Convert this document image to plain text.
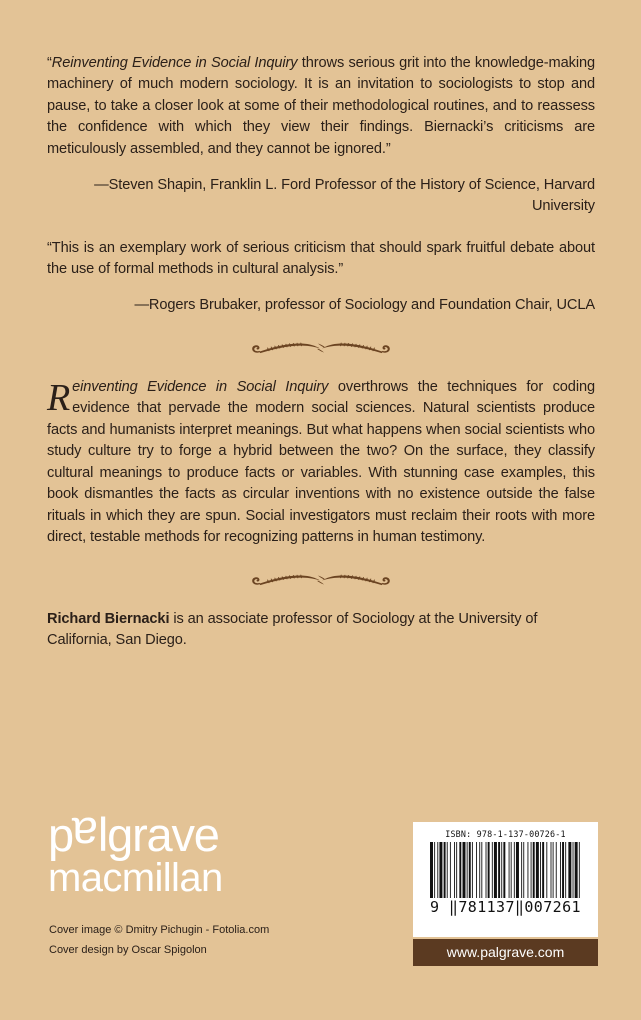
“Reinventing Evidence in Social Inquiry throws serious grit into the knowledge-making machinery of much modern sociology. It is an invitation to sociologists to stop and pause, to take a closer look at some of their methodological routines, and to reassess the confidence with which they view their findings. Biernacki’s criticisms are meticulously assembled, and they cannot be ignored.”

—Steven Shapin, Franklin L. Ford Professor of the History of Science, Harvard University

“This is an exemplary work of serious criticism that should spark fruitful debate about the use of formal methods in cultural analysis.”

—Rogers Brubaker, professor of Sociology and Foundation Chair, UCLA

Reinventing Evidence in Social Inquiry overthrows the techniques for coding evidence that pervade the modern social sciences. Natural scientists produce facts and humanists interpret meanings. But what happens when social scientists who study culture try to forge a hybrid between the two? On the surface, they classify cultural meanings to produce facts or variables. With stunning case examples, this book dismantles the facts as circular inventions with no existence outside the false rituals in which they are spun. Social investigators must reclaim their roots with more direct, testable methods for recognizing patterns in human testimony.

Richard Biernacki is an associate professor of Sociology at the University of California, San Diego.

palgrave
macmillan
Cover image © Dmitry Pichugin - Fotolia.com
Cover design by Oscar Spigolon
ISBN: 978-1-137-00726-1
9 ‖781137‖007261
www.palgrave.com
